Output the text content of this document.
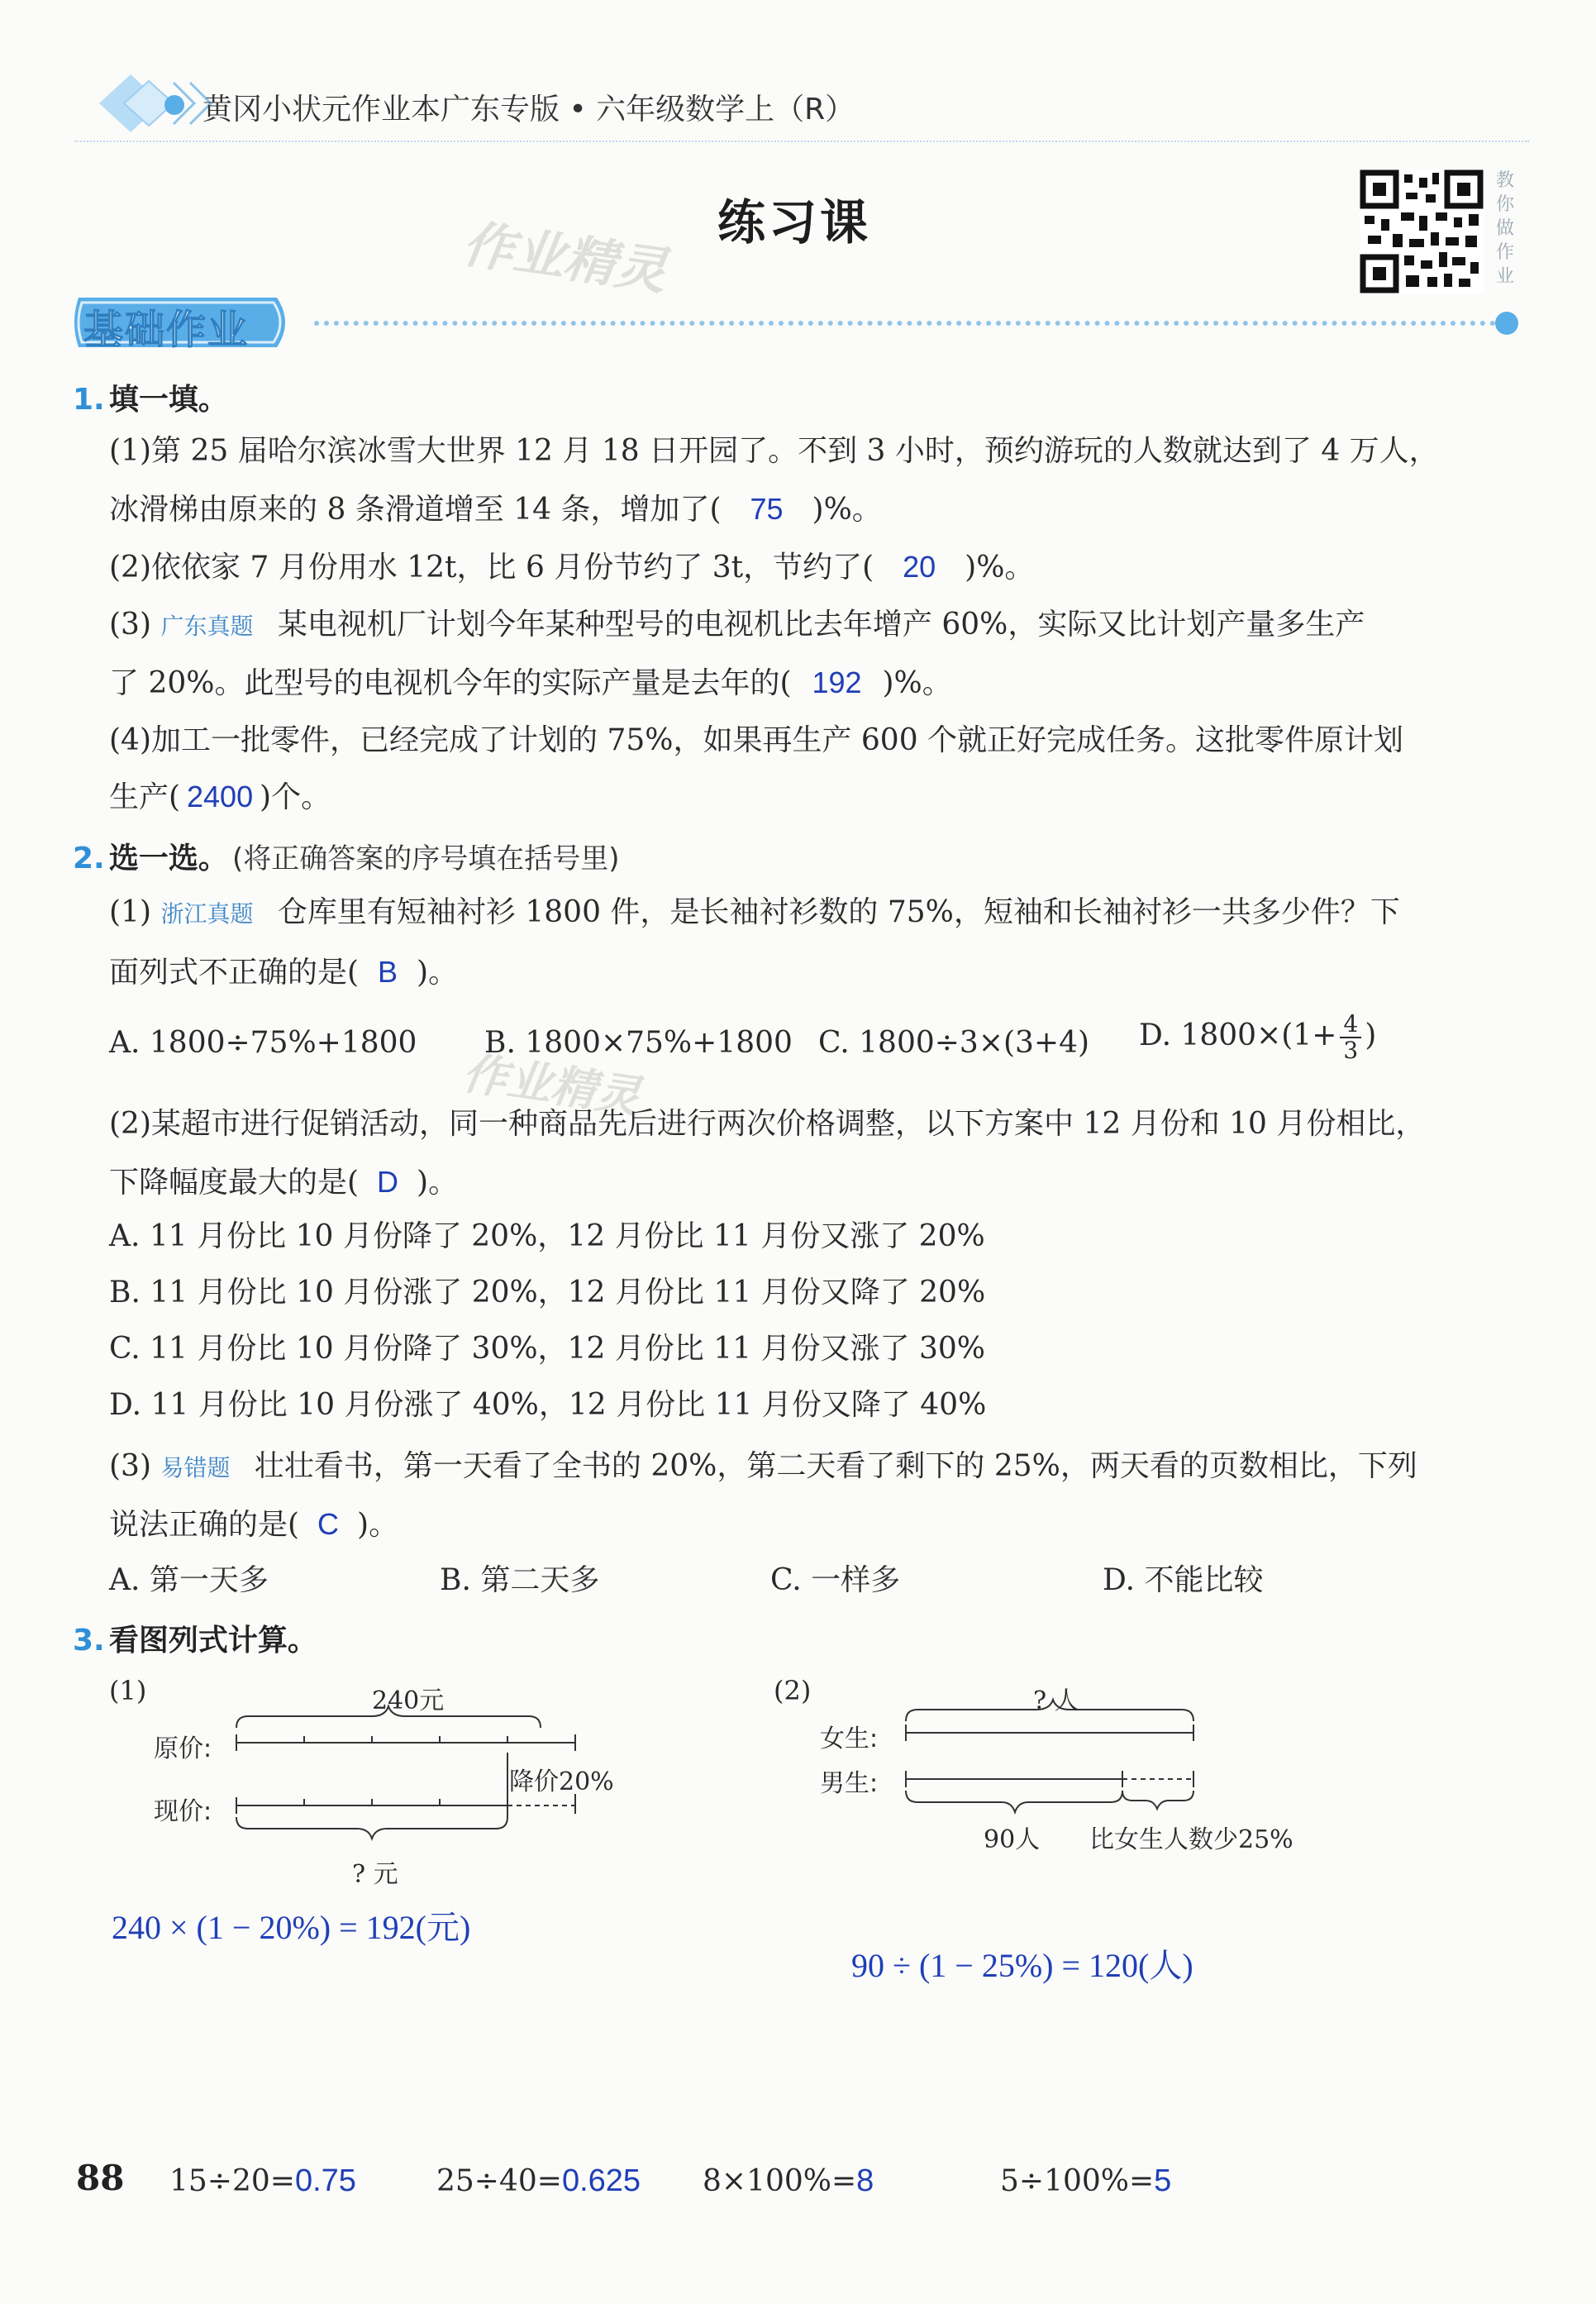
黄冈小状元作业本广东专版 • 六年级数学上（R）
练习课
作业精灵
教
你
做
作
业
基础作业
1. 填一填。
(1)第 25 届哈尔滨冰雪大世界 12 月 18 日开园了。不到 3 小时，预约游玩的人数就达到了 4 万人，
冰滑梯由原来的 8 条滑道增至 14 条，增加了( 75 )%。
(2)依依家 7 月份用水 12t，比 6 月份节约了 3t，节约了( 20 )%。
(3) 广东真题 某电视机厂计划今年某种型号的电视机比去年增产 60%，实际又比计划产量多生产
了 20%。此型号的电视机今年的实际产量是去年的( 192 )%。
(4)加工一批零件，已经完成了计划的 75%，如果再生产 600 个就正好完成任务。这批零件原计划
生产( 2400 )个。
2. 选一选。 (将正确答案的序号填在括号里)
(1) 浙江真题 仓库里有短袖衬衫 1800 件，是长袖衬衫数的 75%，短袖和长袖衬衫一共多少件？下
面列式不正确的是( B )。
A. 1800÷75%+1800 B. 1800×75%+1800 C. 1800÷3×(3+4) D. $1800\times(1+ \frac{4}{3}$ )
作业精灵
(2)某超市进行促销活动，同一种商品先后进行两次价格调整，以下方案中 12 月份和 10 月份相比，
下降幅度最大的是( D )。
A. 11 月份比 10 月份降了 20%，12 月份比 11 月份又涨了 20%
B. 11 月份比 10 月份涨了 20%，12 月份比 11 月份又降了 20%
C. 11 月份比 10 月份降了 30%，12 月份比 11 月份又涨了 30%
D. 11 月份比 10 月份涨了 40%，12 月份比 11 月份又降了 40%
(3) 易错题 壮壮看书，第一天看了全书的 20%，第二天看了剩下的 25%，两天看的页数相比，下列
说法正确的是( C )。
A. 第一天多	B. 第二天多	C. 一样多	D. 不能比较
3. 看图列式计算。
(1)	240元
原价:
现价:
降价20%
? 元
240 × (1 − 20%) = 192(元)
(2)	? 人
女生:
男生:
90人 比女生人数少25%
90 ÷ (1 − 25%) = 120(人)
88 15÷20=0.75	25÷40=0.625 8×100%=8	5÷100%=5
